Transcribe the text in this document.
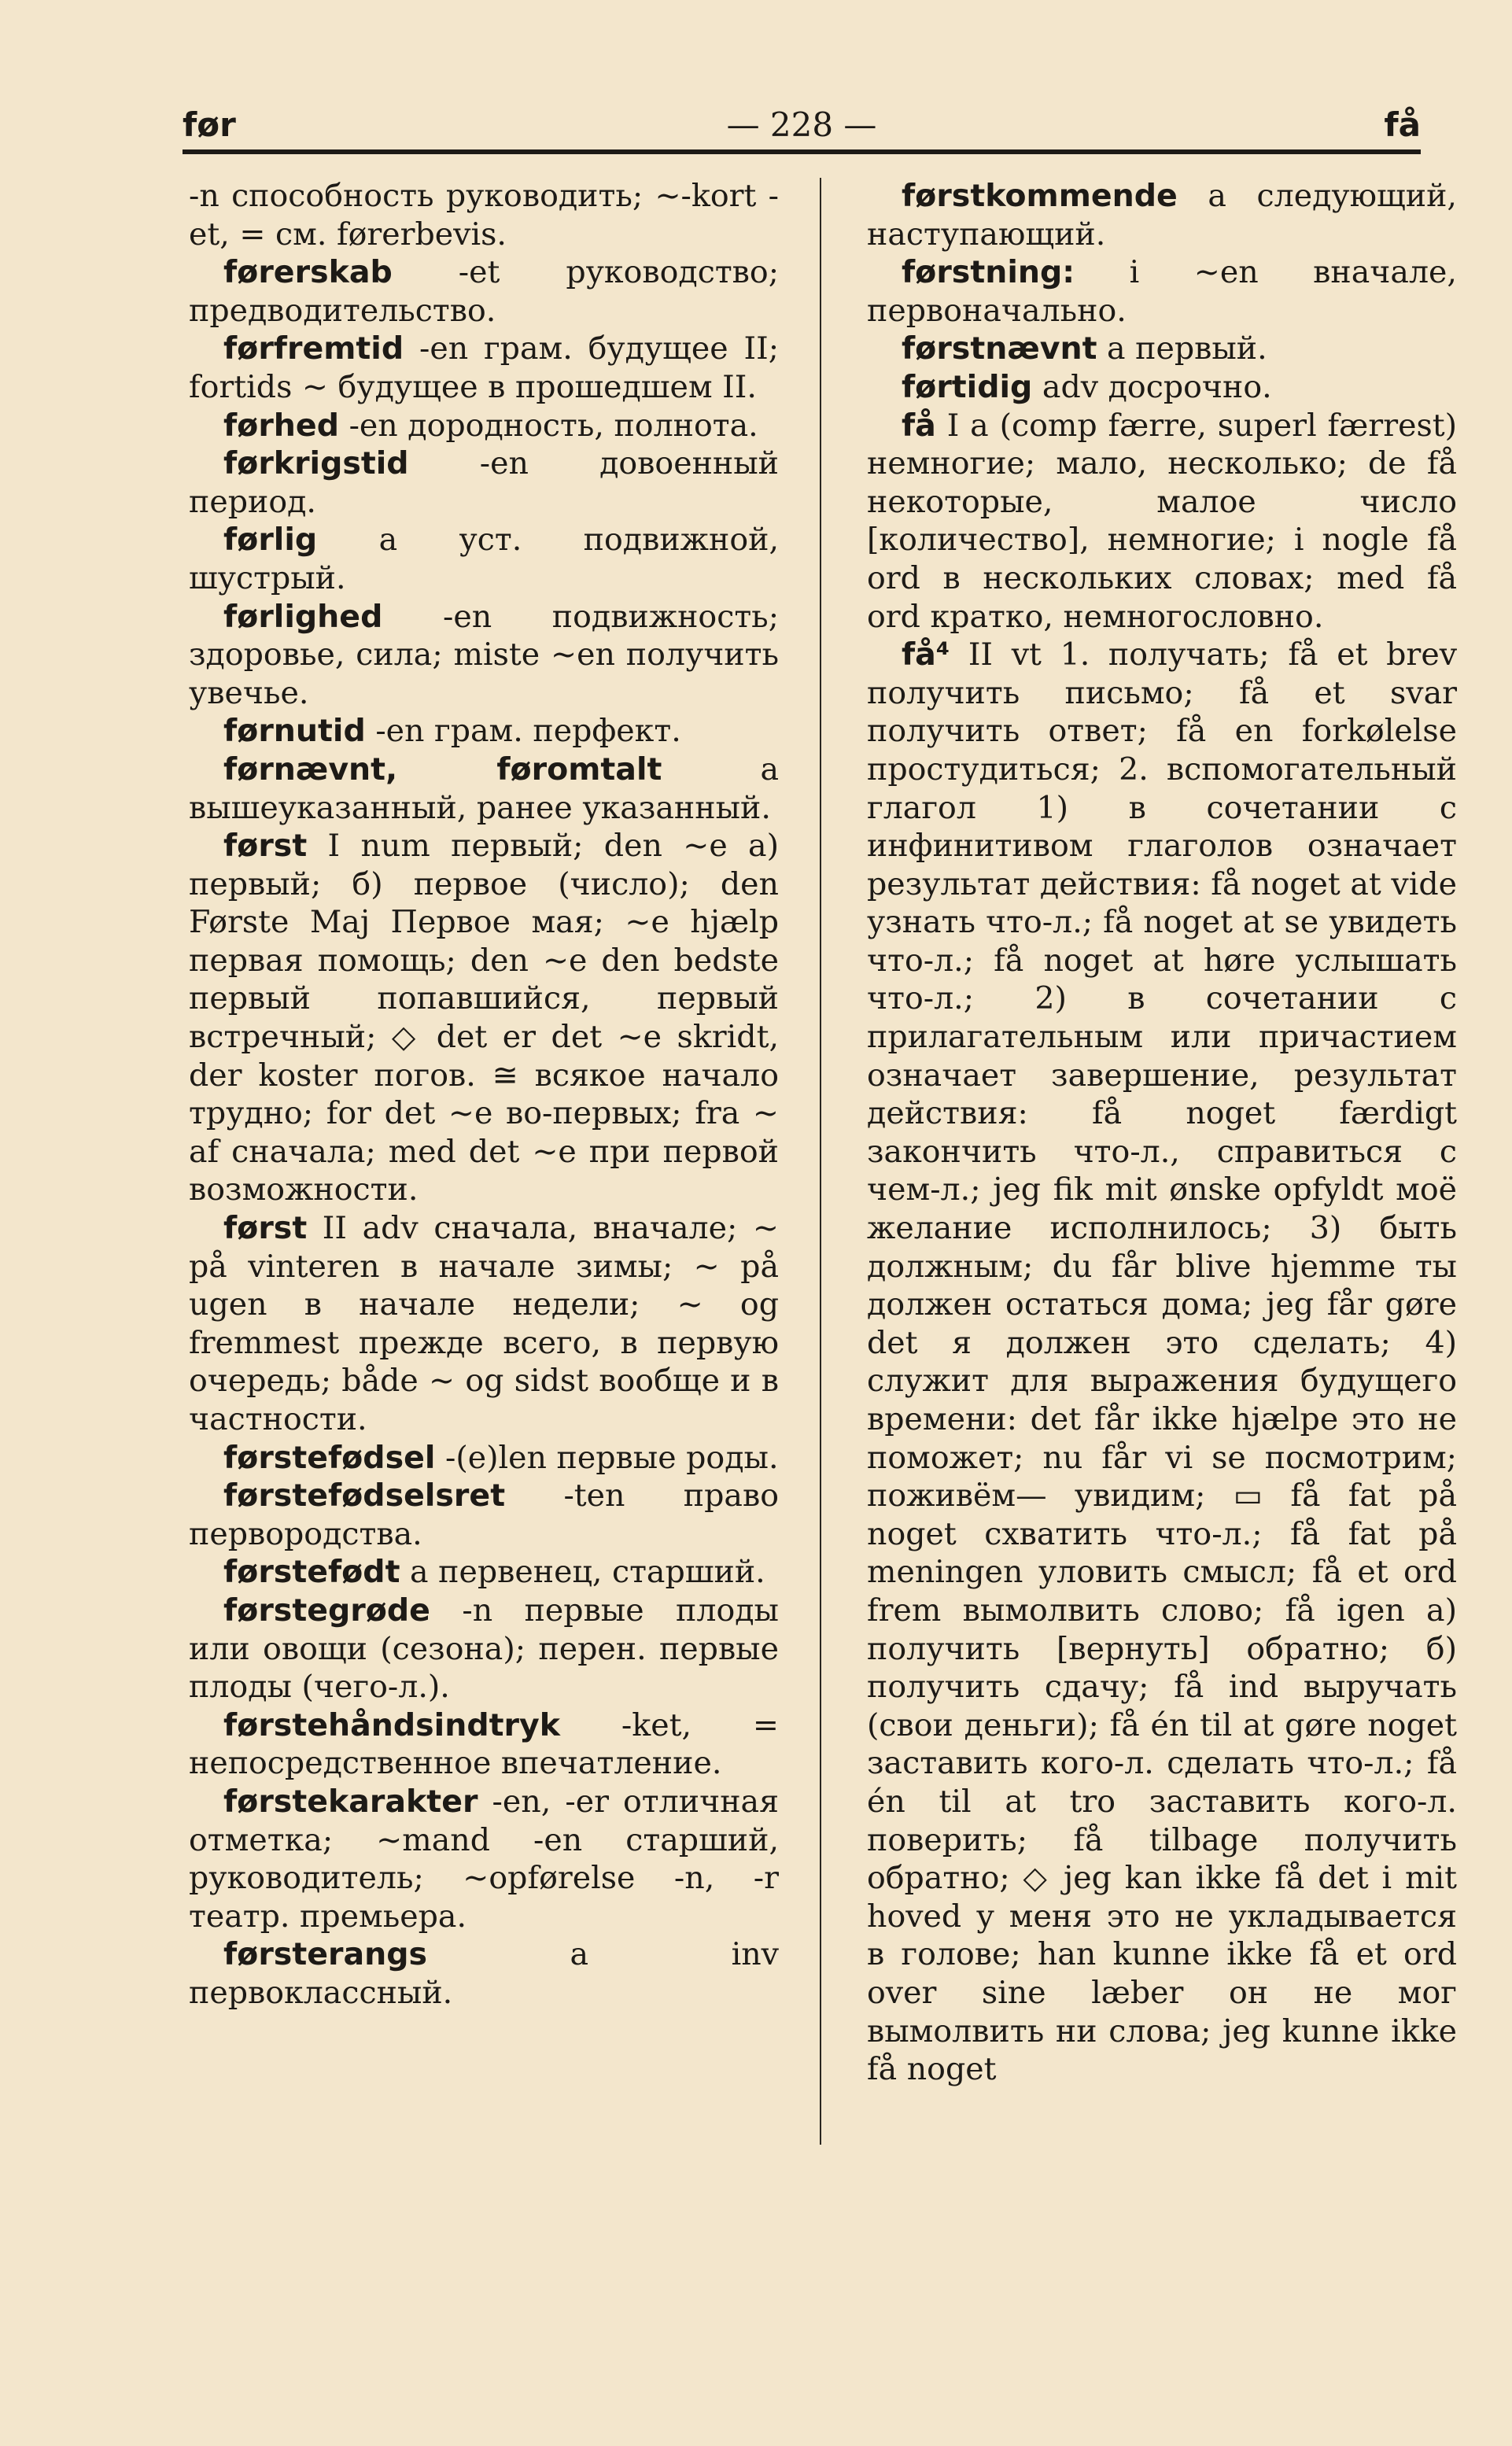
før	— 228 —	få

-n способность руководить; ~-kort -et, = см. førerbevis.

førerskab -et руководство; предводительство.

førfremtid -en грам. будущее II; fortids ~ будущее в прошедшем II.

førhed -en дородность, полнота.

førkrigstid -en довоенный период.

førlig a уст. подвижной, шустрый.

førlighed -en подвижность; здоровье, сила; miste ~en получить увечье.

førnutid -en грам. перфект.

førnævnt, føromtalt	a вышеуказанный, ранее указанный.

først I num первый; den ~e а) первый; б) первое (число); den Første Maj Первое мая; ~e hjælp первая помощь; den ~e den bedste первый попавшийся, первый встречный; ◇ det er det ~e skridt, der koster погов. ≅ всякое начало трудно; for det ~e во-первых; fra ~ af сначала; med det ~e при первой возможности.

først II adv сначала, вначале; ~ på vinteren в начале зимы; ~ på ugen в начале недели; ~ og fremmest прежде всего, в первую очередь; både ~ og sidst вообще и в частности.

førstefødsel -(e)len первые роды.

førstefødselsret -ten право первородства.

førstefødt a первенец, старший.

førstegrøde -n первые плоды или овощи (сезона); перен. первые плоды (чего-л.).

førstehåndsindtryk -ket, = непосредственное впечатление.

førstekarakter -en, -er отличная отметка; ~mand -en старший, руководитель; ~opførelse -n, -r театр. премьера.

førsterangs	a inv первоклассный.

førstkommende a следующий, наступающий.

førstning: i ~en вначале, первоначально.

førstnævnt a первый.

førtidig adv досрочно.

få I a (comp færre, superl færrest) немногие; мало, несколько; de få некоторые, малое число [количество], немногие; i nogle få ord в нескольких словах; med få ord кратко, немногословно.

få⁴ II vt 1. получать; få et brev получить письмо; få et svar получить ответ; få en forkølelse простудиться; 2. вспомогательный глагол 1) в сочетании с инфинитивом глаголов означает результат действия: få noget at vide узнать что-л.; få noget at se увидеть что-л.; få noget at høre услышать что-л.; 2) в сочетании с прилагательным или причастием означает завершение, результат действия: få noget færdigt закончить что-л., справиться с чем-л.; jeg fik mit ønske opfyldt моё желание исполнилось; 3) быть должным; du får blive hjemme ты должен остаться дома; jeg får gøre det я должен это сделать; 4) служит для выражения будущего времени: det får ikke hjælpe это не поможет; nu får vi se посмотрим; поживём— увидим; ▭ få fat på noget схватить что-л.; få fat på meningen уловить смысл; få et ord frem вымолвить слово; få igen а) получить [вернуть] обратно; б) получить сдачу; få ind выручать (свои деньги); få én til at gøre noget заставить кого-л. сделать что-л.; få én til at tro заставить кого-л. поверить; få tilbage получить обратно; ◇ jeg kan ikke få det i mit hoved у меня это не укладывается в голове; han kunne ikke få et ord over sine læber он не мог вымолвить ни слова; jeg kunne ikke få noget
